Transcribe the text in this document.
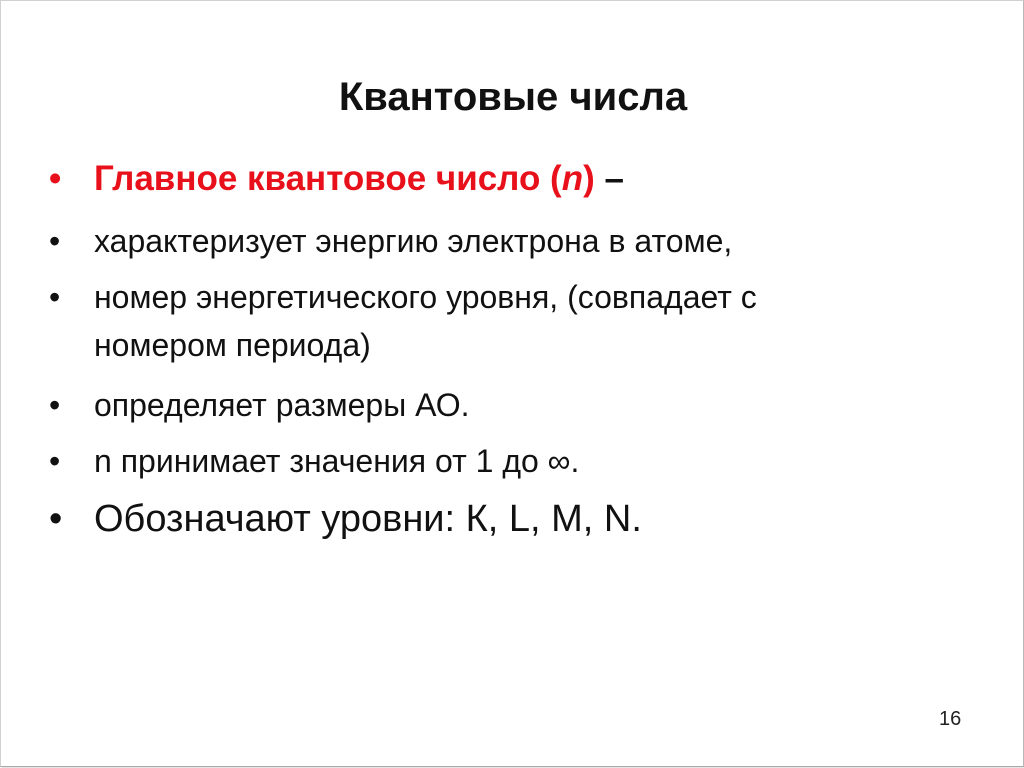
Квантовые числа
• Главное квантовое число (n) –
• характеризует энергию электрона в атоме,
• номер энергетического уровня, (совпадает с
номером периода)
• определяет размеры АО.
• n принимает значения от 1 до ∞.
• Обозначают уровни: К, L, M, N.
16
